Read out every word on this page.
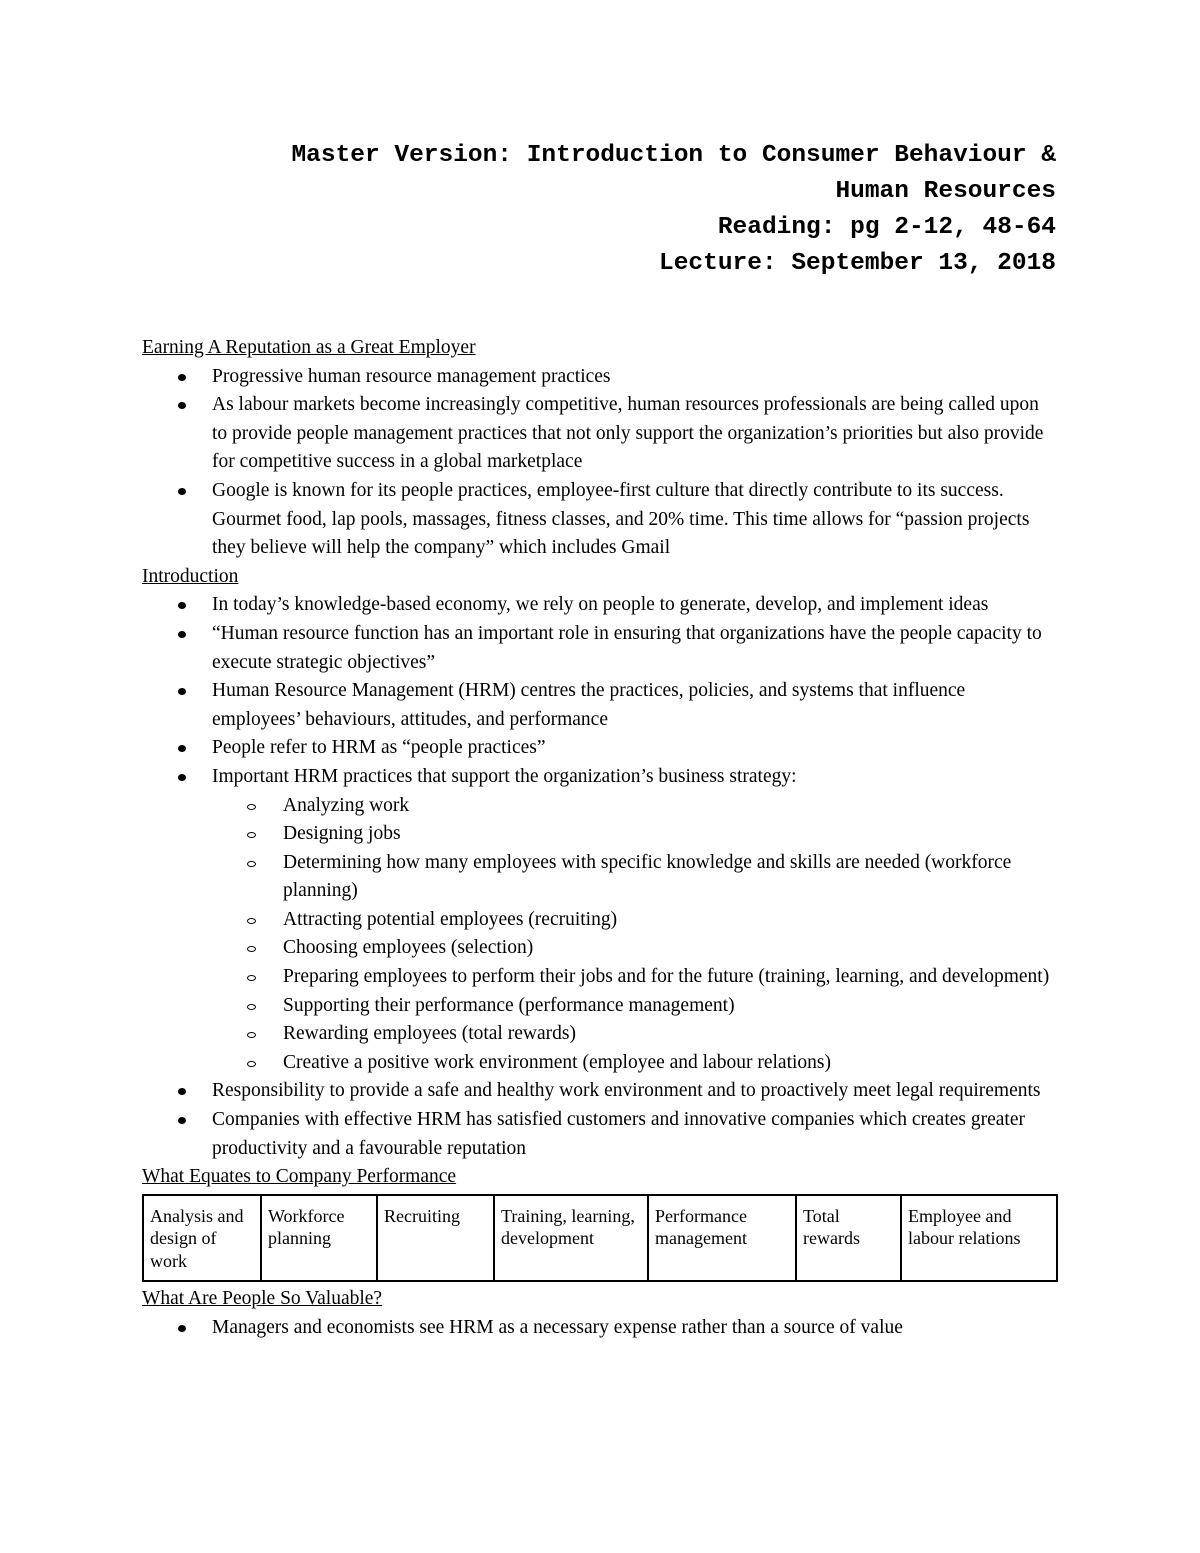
Master Version: Introduction to Consumer Behaviour &
Human Resources
Reading: pg 2-12, 48-64
Lecture: September 13, 2018
Earning A Reputation as a Great Employer
Progressive human resource management practices
As labour markets become increasingly competitive, human resources professionals are being called upon to provide people management practices that not only support the organization’s priorities but also provide for competitive success in a global marketplace
Google is known for its people practices, employee-first culture that directly contribute to its success. Gourmet food, lap pools, massages, fitness classes, and 20% time. This time allows for “passion projects they believe will help the company” which includes Gmail
Introduction
In today’s knowledge-based economy, we rely on people to generate, develop, and implement ideas
“Human resource function has an important role in ensuring that organizations have the people capacity to execute strategic objectives”
Human Resource Management (HRM) centres the practices, policies, and systems that influence employees’ behaviours, attitudes, and performance
People refer to HRM as “people practices”
Important HRM practices that support the organization’s business strategy:
Analyzing work
Designing jobs
Determining how many employees with specific knowledge and skills are needed (workforce planning)
Attracting potential employees (recruiting)
Choosing employees (selection)
Preparing employees to perform their jobs and for the future (training, learning, and development)
Supporting their performance (performance management)
Rewarding employees (total rewards)
Creative a positive work environment (employee and labour relations)
Responsibility to provide a safe and healthy work environment and to proactively meet legal requirements
Companies with effective HRM has satisfied customers and innovative companies which creates greater productivity and a favourable reputation
What Equates to Company Performance
Analysis and design of work	Workforce planning	Recruiting	Training, learning, development	Performance management	Total rewards	Employee and labour relations
What Are People So Valuable?
Managers and economists see HRM as a necessary expense rather than a source of value
